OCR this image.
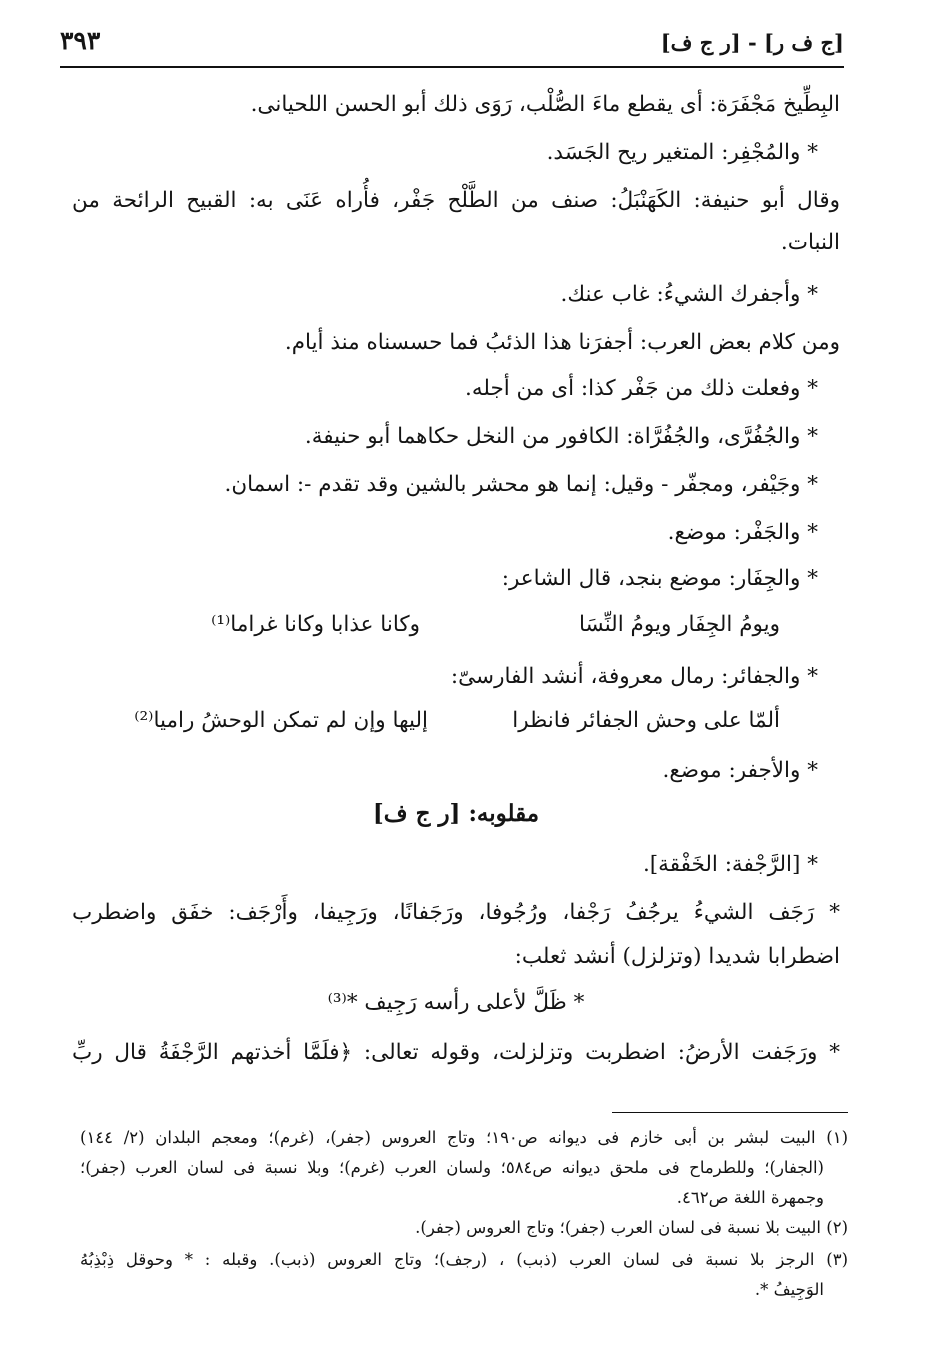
[ج ف ر] - [ر ج ف]
٣٩٣
البِطِّيخ مَجْفَرَة: أى يقطع ماءَ الصُّلْب، رَوَى ذلك أبو الحسن اللحيانى.
* والمُجْفِر: المتغير ريح الجَسَد.
وقال أبو حنيفة: الكَهَنْبَلُ: صنف من الطَّلْح جَفْر، فأُراه عَنَى به: القبيح الرائحة من
النبات.
* وأجفرك الشيءُ: غاب عنك.
ومن كلام بعض العرب: أجفرَنا هذا الذئبُ فما حسسناه منذ أيام.
* وفعلت ذلك من جَفْر كذا: أى من أجله.
* والجُفُرَّى، والجُفُرَّاة: الكافور من النخل حكاهما أبو حنيفة.
* وجَيْفر، ومجفّر - وقيل: إنما هو محشر بالشين وقد تقدم -: اسمان.
* والجَفْر: موضع.
* والجِفَار: موضع بنجد، قال الشاعر:
ويومُ الجِفَار ويومُ النِّسَا
وكانا عذابا وكانا غراما⁽¹⁾
* والجفائر: رمال معروفة، أنشد الفارسىّ:
ألمّا على وحش الجفائر فانظرا
إليها وإن لم تمكن الوحشُ راميا⁽²⁾
* والأجفر: موضع.
مقلوبه: [ر ج ف]
* [الرَّجْفة: الخَفْقة].
* رَجَف الشيءُ يرجُفُ رَجْفا، ورُجُوفا، ورَجَفانًا، ورَجِيفا، وأَرْجَف: خفَق واضطرب
اضطرابا شديدا (وتزلزل) أنشد ثعلب:
* ظَلَّ لأعلى رأسه رَجِيف *⁽³⁾
* ورَجَفت الأرضُ: اضطربت وتزلزلت، وقوله تعالى: ﴿فلَمَّا أخذتهم الرَّجْفَةُ قال ربِّ
(١) البيت لبشر بن أبى خازم فى ديوانه ص١٩٠؛ وتاج العروس (جفر)، (غرم)؛ ومعجم البلدان (٢/ ١٤٤)
(الجفار)؛ وللطرماح فى ملحق ديوانه ص٥٨٤؛ ولسان العرب (غرم)؛ وبلا نسبة فى لسان العرب (جفر)؛
وجمهرة اللغة ص٤٦٢.
(٢) البيت بلا نسبة فى لسان العرب (جفر)؛ وتاج العروس (جفر).
(٣) الرجز بلا نسبة فى لسان العرب (ذبب) ، (رجف)؛ وتاج العروس (ذبب). وقبله : * وحوقل ذِبْذِبُهُ
الوَجِيفُ *.
